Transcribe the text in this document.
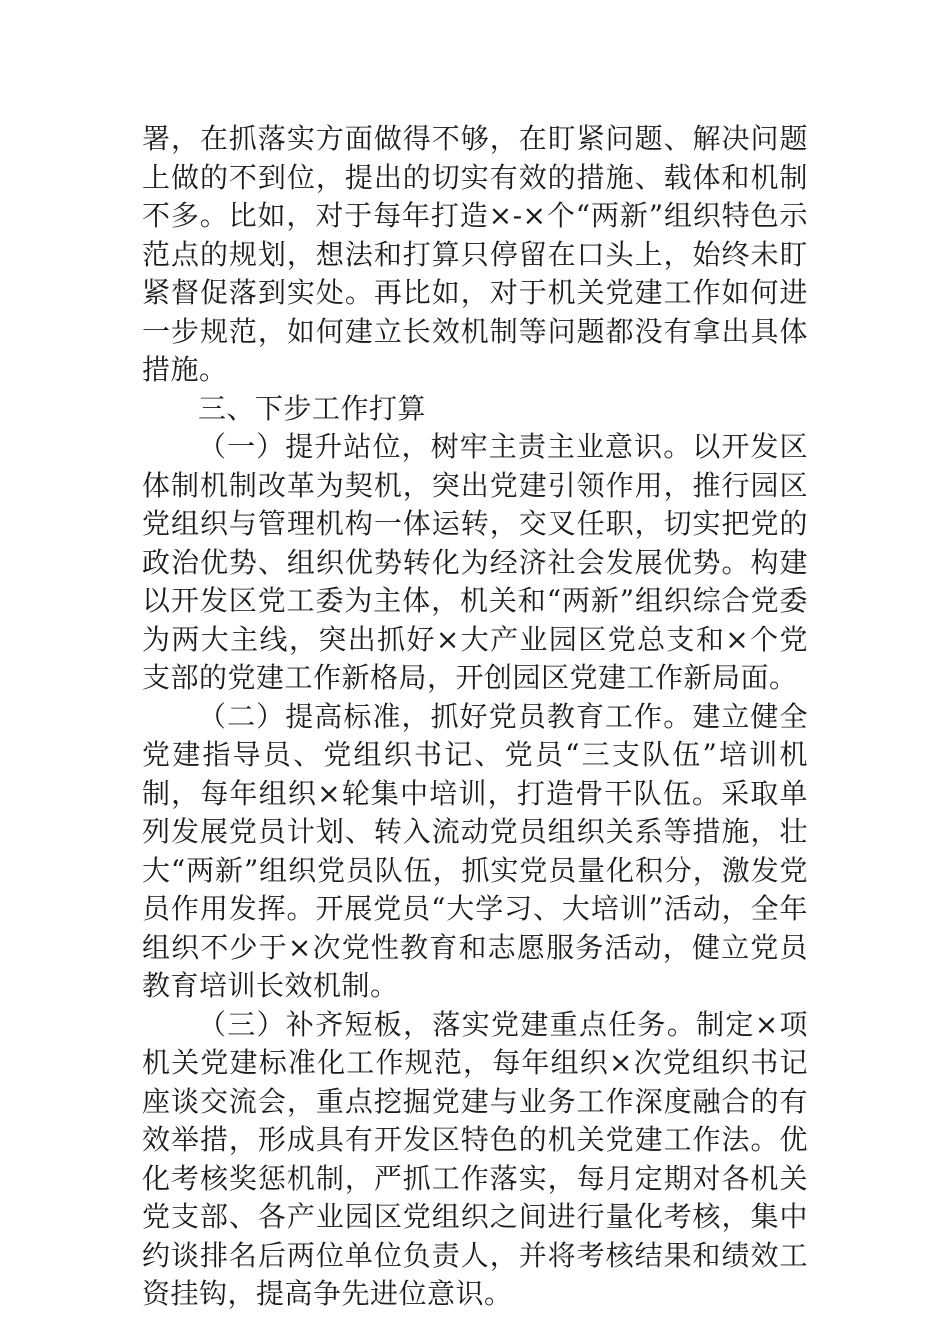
署，在抓落实方面做得不够，在盯紧问题、解决问题上做的不到位，提出的切实有效的措施、载体和机制不多。比如，对于每年打造×-×个“两新”组织特色示范点的规划，想法和打算只停留在口头上，始终未盯紧督促落到实处。再比如，对于机关党建工作如何进一步规范，如何建立长效机制等问题都没有拿出具体措施。

三、下步工作打算

（一）提升站位，树牢主责主业意识。以开发区体制机制改革为契机，突出党建引领作用，推行园区党组织与管理机构一体运转，交叉任职，切实把党的政治优势、组织优势转化为经济社会发展优势。构建以开发区党工委为主体，机关和“两新”组织综合党委为两大主线，突出抓好×大产业园区党总支和×个党支部的党建工作新格局，开创园区党建工作新局面。

（二）提高标准，抓好党员教育工作。建立健全党建指导员、党组织书记、党员“三支队伍”培训机制，每年组织×轮集中培训，打造骨干队伍。采取单列发展党员计划、转入流动党员组织关系等措施，壮大“两新”组织党员队伍，抓实党员量化积分，激发党员作用发挥。开展党员“大学习、大培训”活动，全年组织不少于×次党性教育和志愿服务活动，健立党员教育培训长效机制。

（三）补齐短板，落实党建重点任务。制定×项机关党建标准化工作规范，每年组织×次党组织书记座谈交流会，重点挖掘党建与业务工作深度融合的有效举措，形成具有开发区特色的机关党建工作法。优化考核奖惩机制，严抓工作落实，每月定期对各机关党支部、各产业园区党组织之间进行量化考核，集中约谈排名后两位单位负责人，并将考核结果和绩效工资挂钩，提高争先进位意识。
